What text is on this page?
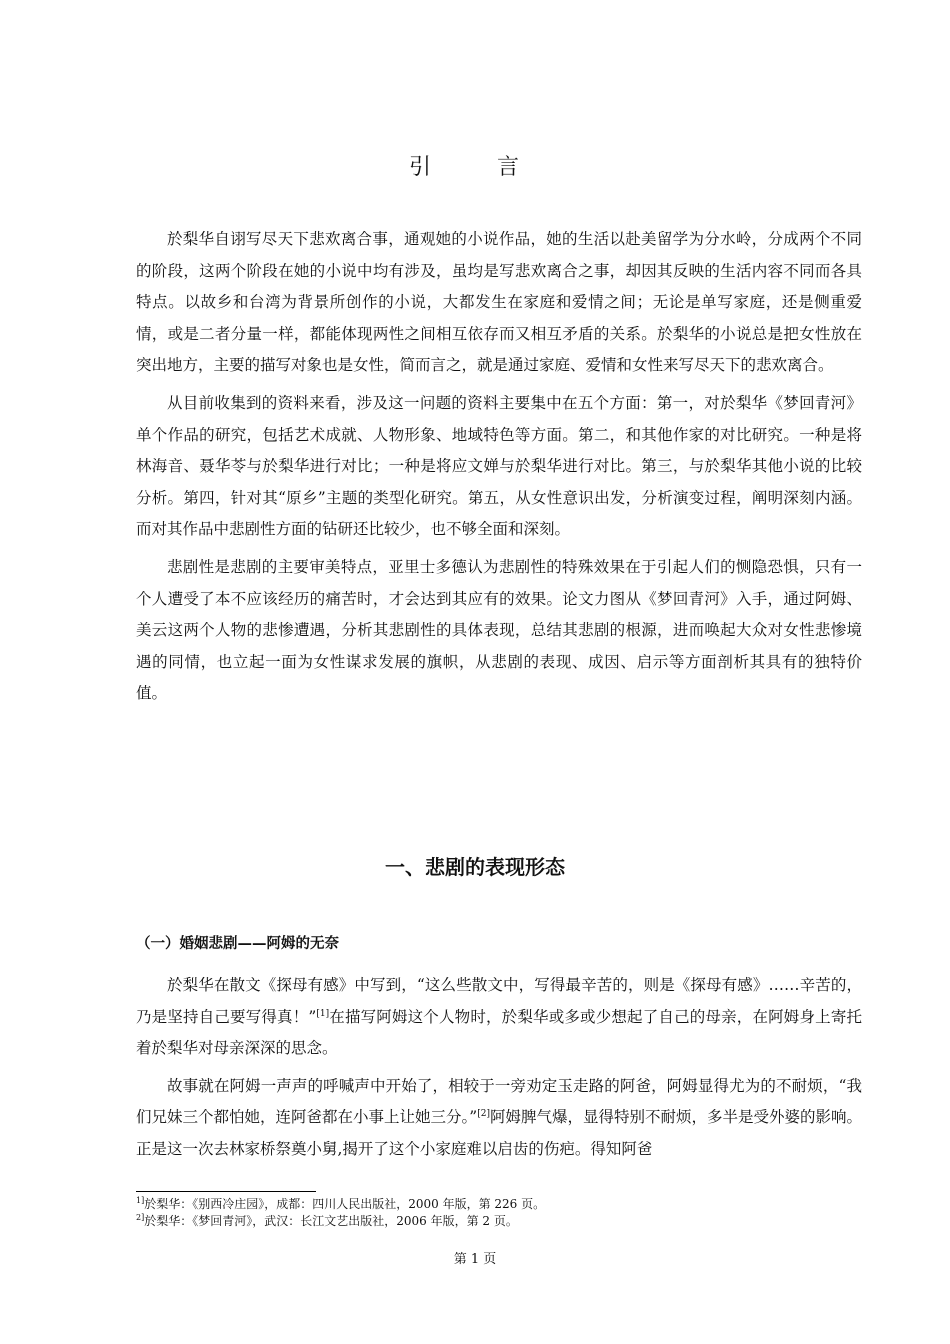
引　言

於梨华自诩写尽天下悲欢离合事，通观她的小说作品，她的生活以赴美留学为分水岭，分成两个不同的阶段，这两个阶段在她的小说中均有涉及，虽均是写悲欢离合之事，却因其反映的生活内容不同而各具特点。以故乡和台湾为背景所创作的小说，大都发生在家庭和爱情之间；无论是单写家庭，还是侧重爱情，或是二者分量一样，都能体现两性之间相互依存而又相互矛盾的关系。於梨华的小说总是把女性放在突出地方，主要的描写对象也是女性，简而言之，就是通过家庭、爱情和女性来写尽天下的悲欢离合。

从目前收集到的资料来看，涉及这一问题的资料主要集中在五个方面：第一，对於梨华《梦回青河》单个作品的研究，包括艺术成就、人物形象、地域特色等方面。第二，和其他作家的对比研究。一种是将林海音、聂华苓与於梨华进行对比；一种是将应文婵与於梨华进行对比。第三，与於梨华其他小说的比较分析。第四，针对其“原乡”主题的类型化研究。第五，从女性意识出发，分析演变过程，阐明深刻内涵。而对其作品中悲剧性方面的钻研还比较少，也不够全面和深刻。

悲剧性是悲剧的主要审美特点，亚里士多德认为悲剧性的特殊效果在于引起人们的恻隐恐惧，只有一个人遭受了本不应该经历的痛苦时，才会达到其应有的效果。论文力图从《梦回青河》入手，通过阿姆、美云这两个人物的悲惨遭遇，分析其悲剧性的具体表现，总结其悲剧的根源，进而唤起大众对女性悲惨境遇的同情，也立起一面为女性谋求发展的旗帜，从悲剧的表现、成因、启示等方面剖析其具有的独特价值。

一、悲剧的表现形态
（一）婚姻悲剧——阿姆的无奈

於梨华在散文《探母有感》中写到，“这么些散文中，写得最辛苦的，则是《探母有感》……辛苦的，乃是坚持自己要写得真！”[1]在描写阿姆这个人物时，於梨华或多或少想起了自己的母亲，在阿姆身上寄托着於梨华对母亲深深的思念。

故事就在阿姆一声声的呼喊声中开始了，相较于一旁劝定玉走路的阿爸，阿姆显得尤为的不耐烦，“我们兄妹三个都怕她，连阿爸都在小事上让她三分。”[2]阿姆脾气爆，显得特别不耐烦，多半是受外婆的影响。正是这一次去林家桥祭奠小舅,揭开了这个小家庭难以启齿的伤疤。得知阿爸

$^{1]}$於梨华：《别西冷庄园》，成都：四川人民出版社，2000 年版，第 226 页。
$^{2]}$於梨华：《梦回青河》，武汉：长江文艺出版社，2006 年版，第 2 页。
第 1 页
